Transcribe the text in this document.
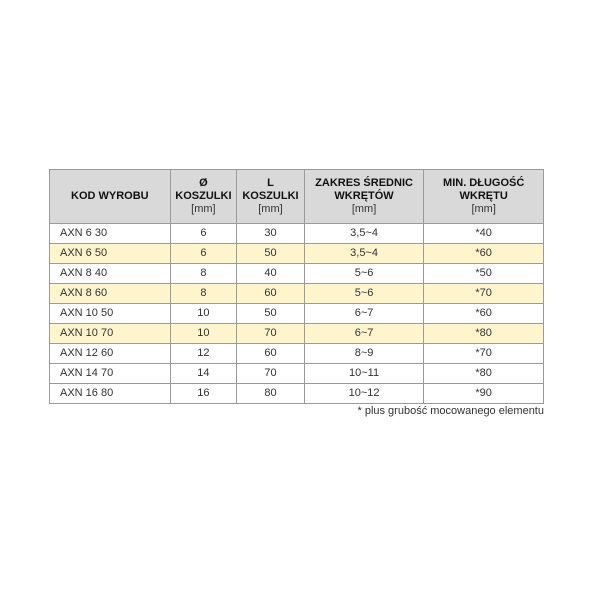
KOD WYROBU	Ø
KOSZULKI
[mm]	L
KOSZULKI
[mm]	ZAKRES ŚREDNIC
WKRĘTÓW
[mm]	MIN. DŁUGOŚĆ
WKRĘTU
[mm]

AXN 6 30	6	30	3,5~4	*40
AXN 6 50	6	50	3,5~4	*60
AXN 8 40	8	40	5~6	*50
AXN 8 60	8	60	5~6	*70
AXN 10 50	10	50	6~7	*60
AXN 10 70	10	70	6~7	*80
AXN 12 60	12	60	8~9	*70
AXN 14 70	14	70	10~11	*80
AXN 16 80	16	80	10~12	*90
* plus grubość mocowanego elementu
